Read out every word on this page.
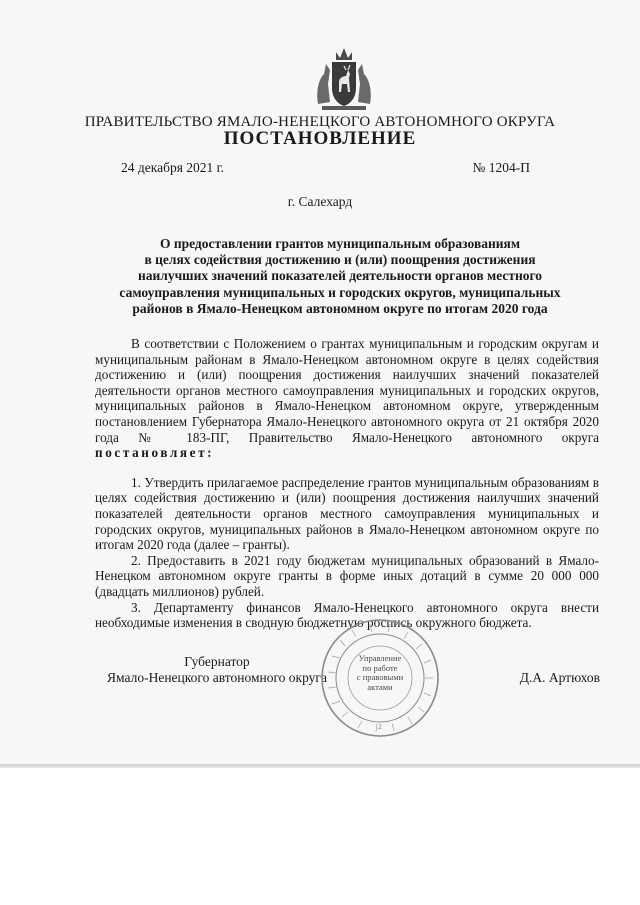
ПРАВИТЕЛЬСТВО ЯМАЛО-НЕНЕЦКОГО АВТОНОМНОГО ОКРУГА
ПОСТАНОВЛЕНИЕ
24 декабря 2021 г.	№ 1204-П
г. Салехард
О предоставлении грантов муниципальным образованиям
в целях содействия достижению и (или) поощрения достижения
наилучших значений показателей деятельности органов местного
самоуправления муниципальных и городских округов, муниципальных
районов в Ямало-Ненецком автономном округе по итогам 2020 года

В соответствии с Положением о грантах муниципальным и городским округам и муниципальным районам в Ямало-Ненецком автономном округе в целях содействия достижению и (или) поощрения достижения наилучших значений показателей деятельности органов местного самоуправления муниципальных и городских округов, муниципальных районов в Ямало-Ненецком автономном округе, утвержденным постановлением Губернатора Ямало-Ненецкого автономного округа от 21 октября 2020 года № 183-ПГ, Правительство Ямало-Ненецкого автономного округа постановляет:

1. Утвердить прилагаемое распределение грантов муниципальным образованиям в целях содействия достижению и (или) поощрения достижения наилучших значений показателей деятельности органов местного самоуправления муниципальных и городских округов, муниципальных районов в Ямало-Ненецком автономном округе по итогам 2020 года (далее – гранты).

2. Предоставить в 2021 году бюджетам муниципальных образований в Ямало-Ненецком автономном округе гранты в форме иных дотаций в сумме 20 000 000 (двадцать миллионов) рублей.

3. Департаменту финансов Ямало-Ненецкого автономного округа внести необходимые изменения в сводную бюджетную роспись окружного бюджета.

Губернатор
Ямало-Ненецкого автономного округа	Д.А. Артюхов
2
Управление
по работе
с правовыми
актами
